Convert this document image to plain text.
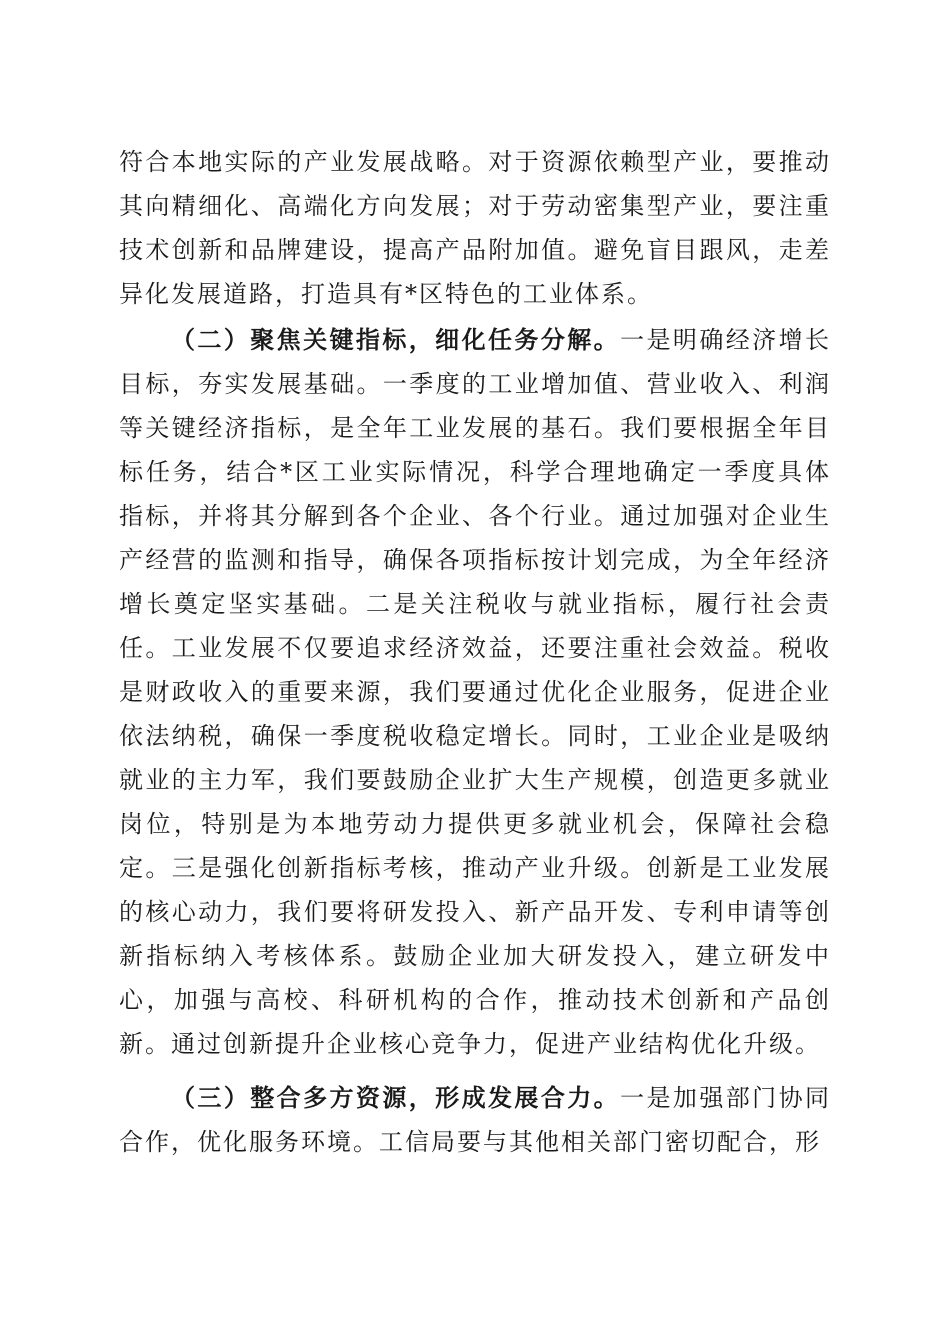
符合本地实际的产业发展战略。对于资源依赖型产业，要推动其向精细化、高端化方向发展；对于劳动密集型产业，要注重技术创新和品牌建设，提高产品附加值。避免盲目跟风，走差异化发展道路，打造具有*区特色的工业体系。

（二）聚焦关键指标，细化任务分解。一是明确经济增长目标，夯实发展基础。一季度的工业增加值、营业收入、利润等关键经济指标，是全年工业发展的基石。我们要根据全年目标任务，结合*区工业实际情况，科学合理地确定一季度具体指标，并将其分解到各个企业、各个行业。通过加强对企业生产经营的监测和指导，确保各项指标按计划完成，为全年经济增长奠定坚实基础。二是关注税收与就业指标，履行社会责任。工业发展不仅要追求经济效益，还要注重社会效益。税收是财政收入的重要来源，我们要通过优化企业服务，促进企业依法纳税，确保一季度税收稳定增长。同时，工业企业是吸纳就业的主力军，我们要鼓励企业扩大生产规模，创造更多就业岗位，特别是为本地劳动力提供更多就业机会，保障社会稳定。三是强化创新指标考核，推动产业升级。创新是工业发展的核心动力，我们要将研发投入、新产品开发、专利申请等创新指标纳入考核体系。鼓励企业加大研发投入，建立研发中心，加强与高校、科研机构的合作，推动技术创新和产品创新。通过创新提升企业核心竞争力，促进产业结构优化升级。

（三）整合多方资源，形成发展合力。一是加强部门协同合作，优化服务环境。工信局要与其他相关部门密切配合，形
